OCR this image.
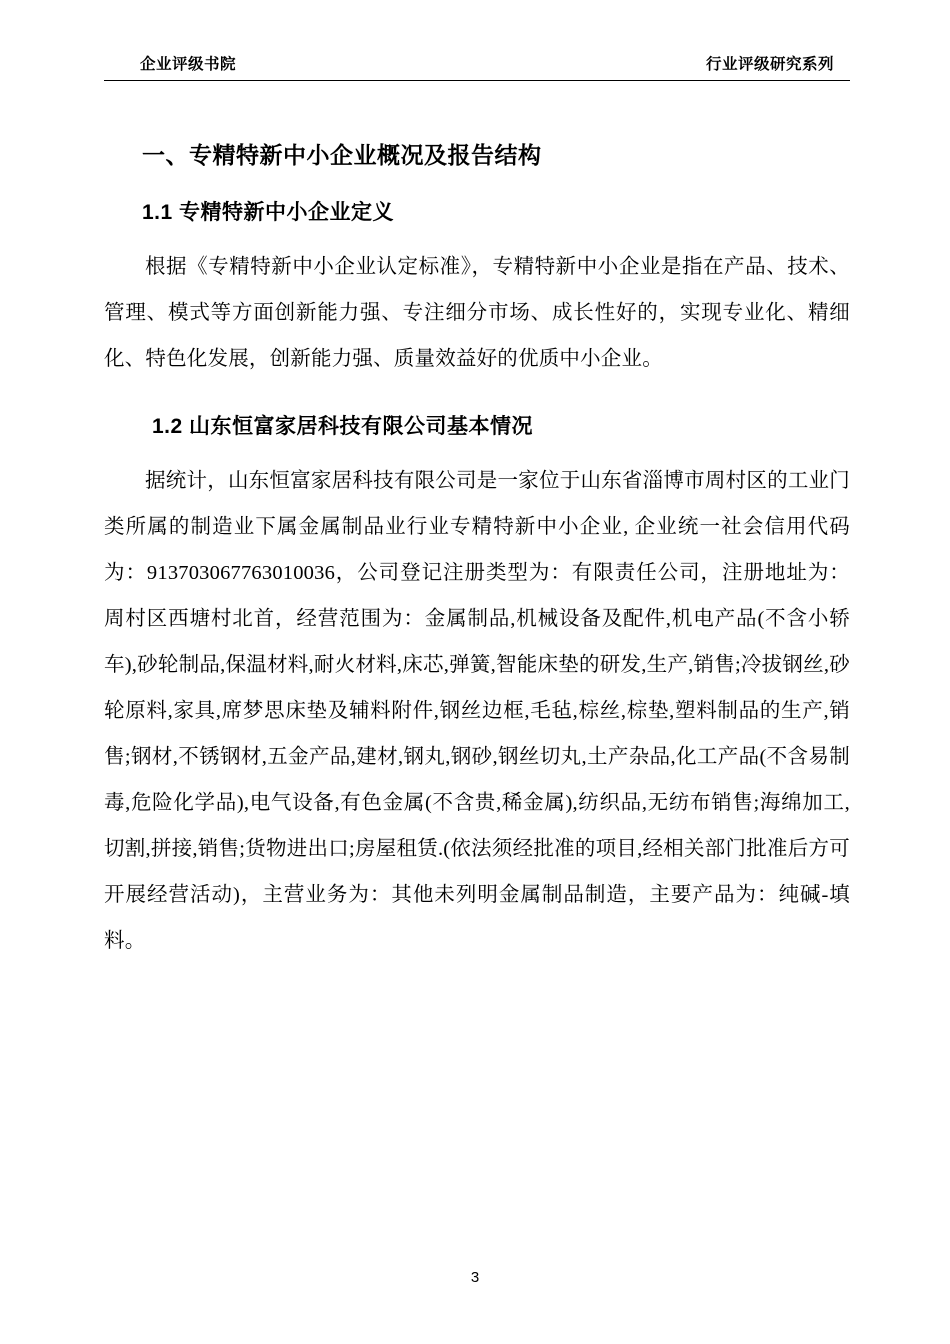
企业评级书院	行业评级研究系列
一、专精特新中小企业概况及报告结构
1.1 专精特新中小企业定义

根据《专精特新中小企业认定标准》，专精特新中小企业是指在产品、技术、管理、模式等方面创新能力强、专注细分市场、成长性好的，实现专业化、精细化、特色化发展，创新能力强、质量效益好的优质中小企业。

1.2 山东恒富家居科技有限公司基本情况

据统计，山东恒富家居科技有限公司是一家位于山东省淄博市周村区的工业门类所属的制造业下属金属制品业行业专精特新中小企业, 企业统一社会信用代码为：913703067763010036，公司登记注册类型为：有限责任公司，注册地址为：周村区西塘村北首，经营范围为：金属制品,机械设备及配件,机电产品(不含小轿车),砂轮制品,保温材料,耐火材料,床芯,弹簧,智能床垫的研发,生产,销售;冷拔钢丝,砂轮原料,家具,席梦思床垫及辅料附件,钢丝边框,毛毡,棕丝,棕垫,塑料制品的生产,销售;钢材,不锈钢材,五金产品,建材,钢丸,钢砂,钢丝切丸,土产杂品,化工产品(不含易制毒,危险化学品),电气设备,有色金属(不含贵,稀金属),纺织品,无纺布销售;海绵加工,切割,拼接,销售;货物进出口;房屋租赁.(依法须经批准的项目,经相关部门批准后方可开展经营活动)，主营业务为：其他未列明金属制品制造，主要产品为：纯碱-填料。

3
